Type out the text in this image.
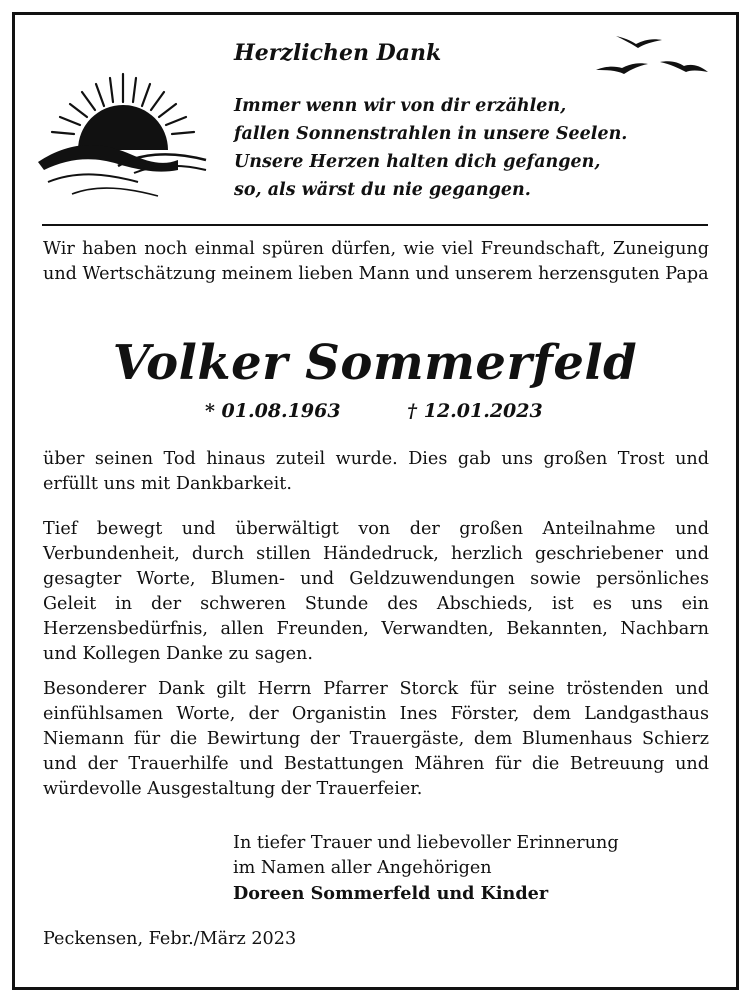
Herzlichen Dank
Immer wenn wir von dir erzählen,
fallen Sonnenstrahlen in unsere Seelen.
Unsere Herzen halten dich gefangen,
so, als wärst du nie gegangen.
Wir haben noch einmal spüren dürfen, wie viel Freundschaft, Zuneigung und Wertschätzung meinem lieben Mann und unserem herzensguten Papa
Volker Sommerfeld
* 01.08.1963	† 12.01.2023
über seinen Tod hinaus zuteil wurde. Dies gab uns großen Trost und erfüllt uns mit Dankbarkeit.
Tief bewegt und überwältigt von der großen Anteilnahme und Verbundenheit, durch stillen Händedruck, herzlich geschriebener und gesagter Worte, Blumen- und Geldzuwendungen sowie persönliches Geleit in der schweren Stunde des Abschieds, ist es uns ein Herzensbedürfnis, allen Freunden, Verwandten, Bekannten, Nachbarn und Kollegen Danke zu sagen.
Besonderer Dank gilt Herrn Pfarrer Storck für seine tröstenden und einfühlsamen Worte, der Organistin Ines Förster, dem Landgasthaus Niemann für die Bewirtung der Trauergäste, dem Blumenhaus Schierz und der Trauerhilfe und Bestattungen Mähren für die Betreuung und würdevolle Ausgestaltung der Trauerfeier.
In tiefer Trauer und liebevoller Erinnerung
im Namen aller Angehörigen
Doreen Sommerfeld und Kinder
Peckensen, Febr./März 2023
